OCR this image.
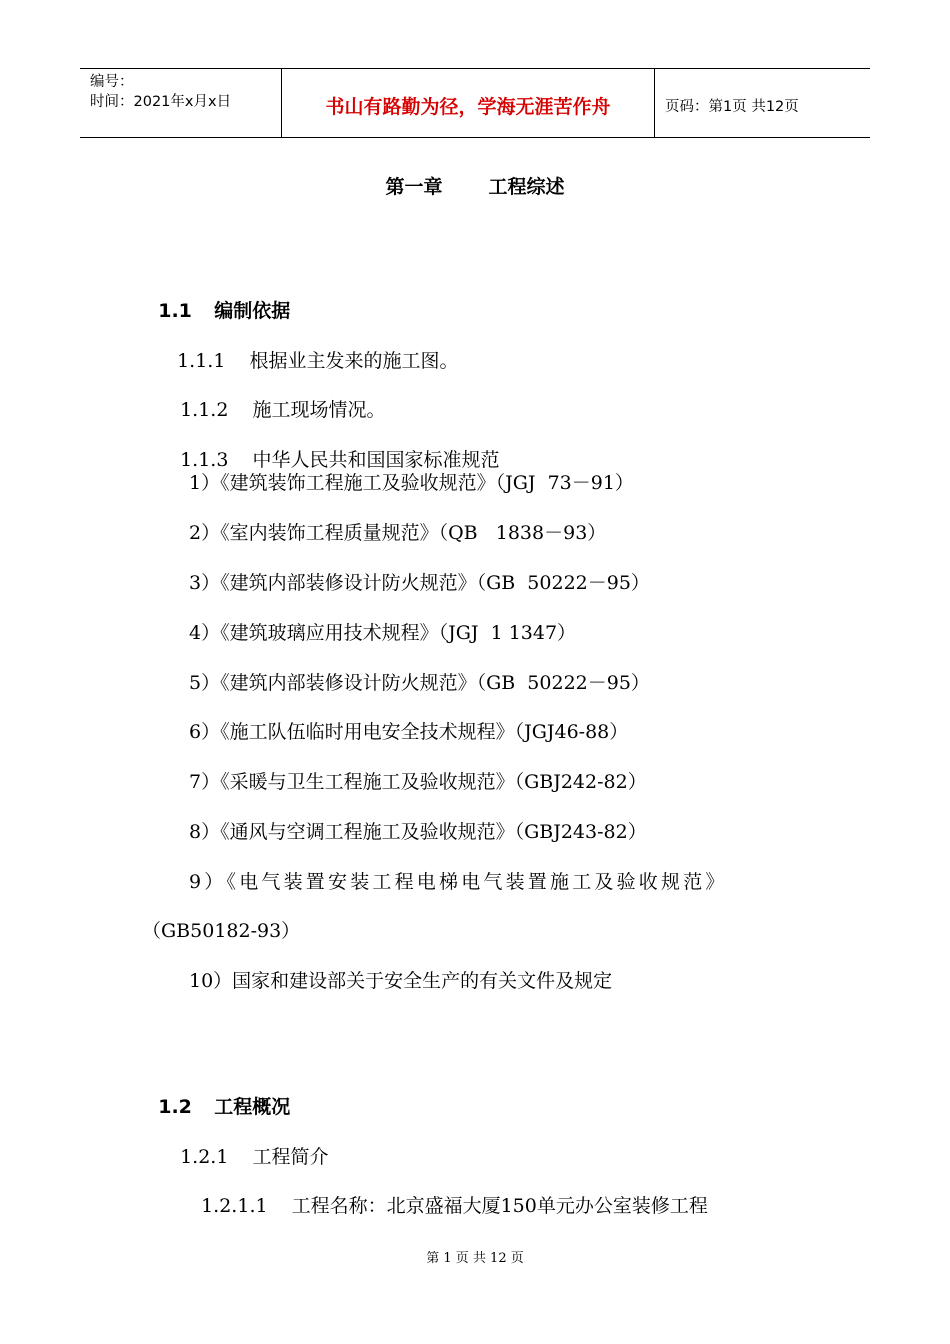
编号：
时间：2021年x月x日	书山有路勤为径，学海无涯苦作舟	页码：第1页 共12页
第一章 工程综述

1.1 编制依据

1.1.1 根据业主发来的施工图。

1.1.2 施工现场情况。

1.1.3 中华人民共和国国家标准规范

1）《建筑装饰工程施工及验收规范》（JGJ  73－91）
2）《室内装饰工程质量规范》（QB   1838－93）
3）《建筑内部装修设计防火规范》（GB  50222－95）
4）《建筑玻璃应用技术规程》（JGJ  1 1347）
5）《建筑内部装修设计防火规范》（GB  50222－95）
6）《施工队伍临时用电安全技术规程》（JGJ46-88）
7）《采暖与卫生工程施工及验收规范》（GBJ242-82）
8）《通风与空调工程施工及验收规范》（GBJ243-82）
9）《电气装置安装工程电梯电气装置施工及验收规范》
（GB50182-93）
10）国家和建设部关于安全生产的有关文件及规定

1.2 工程概况

1.2.1 工程简介

1.2.1.1 工程名称：北京盛福大厦150单元办公室装修工程

第 1 页 共 12 页
